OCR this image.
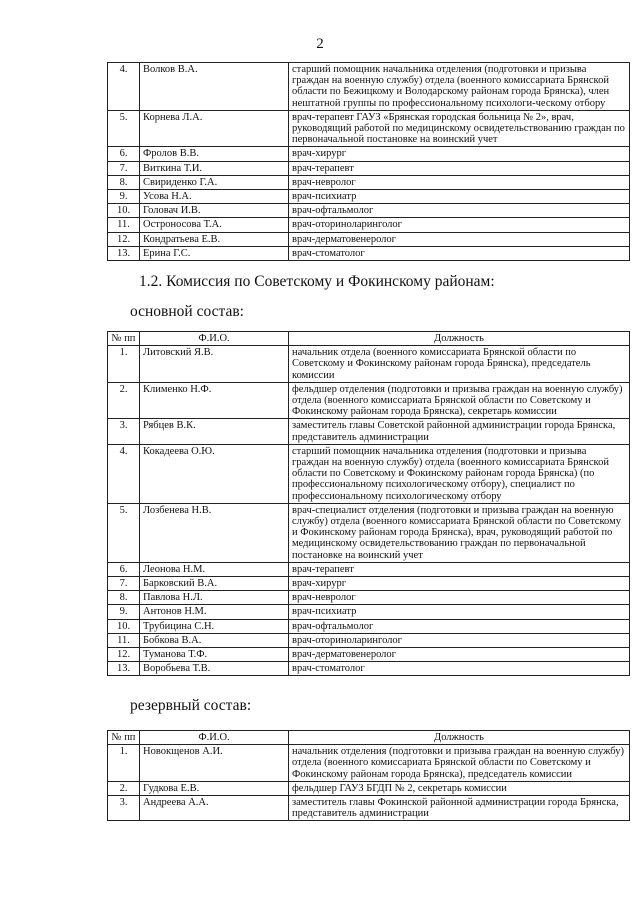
2
4.	Волков В.А.	старший помощник начальника отделения (подготовки и призыва граждан на военную службу) отдела (военного комиссариата Брянской области по Бежицкому и Володарскому районам города Брянска), член нештатной группы по профессиональному психологи-ческому отбору
5.	Корнева Л.А.	врач-терапевт ГАУЗ «Брянская городская больница № 2», врач, руководящий работой по медицинскому освидетельствованию граждан по первоначальной постановке на воинский учет
6.	Фролов В.В.	врач-хирург
7.	Виткина Т.И.	врач-терапевт
8.	Свириденко Г.А.	врач-невролог
9.	Усова Н.А.	врач-психиатр
10.	Головач И.В.	врач-офтальмолог
11.	Остроносова Т.А.	врач-оториноларинголог
12.	Кондратьева Е.В.	врач-дерматовенеролог
13.	Ерина Г.С.	врач-стоматолог
1.2. Комиссия по Советскому и Фокинскому районам:
основной состав:
№ пп	Ф.И.О.	Должность
1.	Литовский Я.В.	начальник отдела (военного комиссариата Брянской области по Советскому и Фокинскому районам города Брянска), председатель комиссии
2.	Клименко Н.Ф.	фельдшер отделения (подготовки и призыва граждан на военную службу) отдела (военного комиссариата Брянской области по Советскому и Фокинскому районам города Брянска), секретарь комиссии
3.	Рябцев В.К.	заместитель главы Советской районной администрации города Брянска, представитель администрации
4.	Кокадеева О.Ю.	старший помощник начальника отделения (подготовки и призыва граждан на военную службу) отдела (военного комиссариата Брянской области по Советскому и Фокинскому районам города Брянска) (по профессиональному психологическому отбору), специалист по профессиональному психологическому отбору
5.	Лозбенева Н.В.	врач-специалист отделения (подготовки и призыва граждан на военную службу) отдела (военного комиссариата Брянской области по Советскому и Фокинскому районам города Брянска), врач, руководящий работой по медицинскому освидетельствованию граждан по первоначальной постановке на воинский учет
6.	Леонова Н.М.	врач-терапевт
7.	Барковский В.А.	врач-хирург
8.	Павлова Н.Л.	врач-невролог
9.	Антонов Н.М.	врач-психиатр
10.	Трубицина С.Н.	врач-офтальмолог
11.	Бобкова В.А.	врач-оториноларинголог
12.	Туманова Т.Ф.	врач-дерматовенеролог
13.	Воробьева Т.В.	врач-стоматолог
резервный состав:
№ пп	Ф.И.О.	Должность
1.	Новокщенов А.И.	начальник отделения (подготовки и призыва граждан на военную службу) отдела (военного комиссариата Брянской области по Советскому и Фокинскому районам города Брянска), председатель комиссии
2.	Гудкова Е.В.	фельдшер ГАУЗ БГДП № 2, секретарь комиссии
3.	Андреева А.А.	заместитель главы Фокинской районной администрации города Брянска, представитель администрации
